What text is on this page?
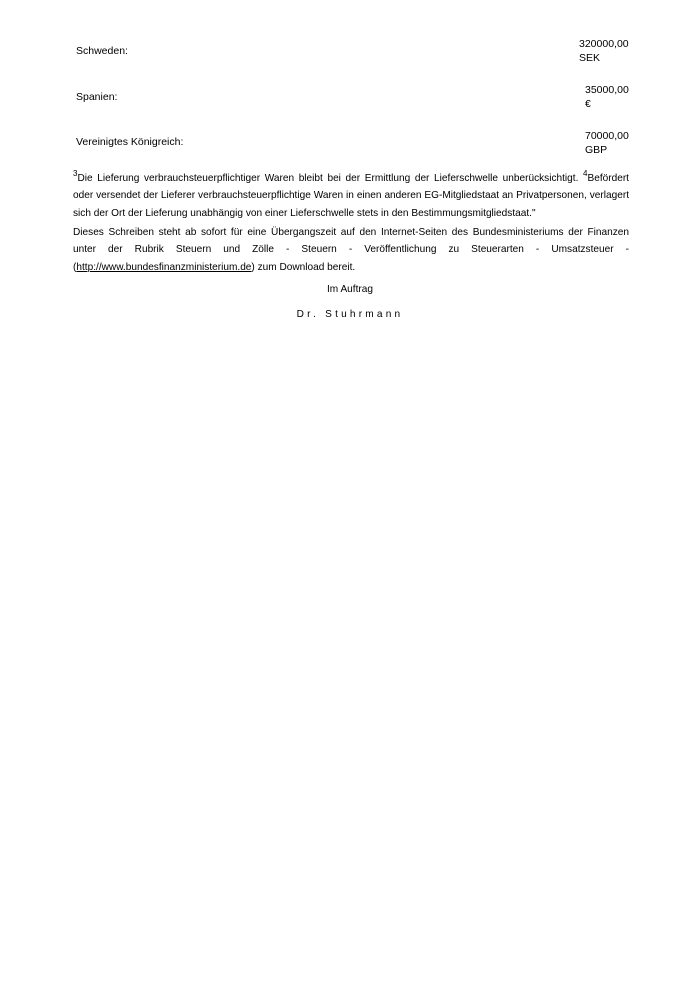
Schweden:
320000,00
SEK
Spanien:
35000,00
€
Vereinigtes Königreich:	70000,00
GBP
$^3$Die Lieferung verbrauchsteuerpflichtiger Waren bleibt bei der Ermittlung der Lieferschwelle unberücksichtigt. $^4$Befördert oder versendet der Lieferer verbrauchsteuerpflichtige Waren in einen anderen EG-Mitgliedstaat an Privatpersonen, verlagert sich der Ort der Lieferung unabhängig von einer Lieferschwelle stets in den Bestimmungsmitgliedstaat."
Dieses Schreiben steht ab sofort für eine Übergangszeit auf den Internet-Seiten des Bundesministeriums der Finanzen unter der Rubrik Steuern und Zölle - Steuern - Veröffentlichung zu Steuerarten - Umsatzsteuer - (http://www.bundesfinanzministerium.de) zum Download bereit.
Im Auftrag
Dr. Stuhrmann
